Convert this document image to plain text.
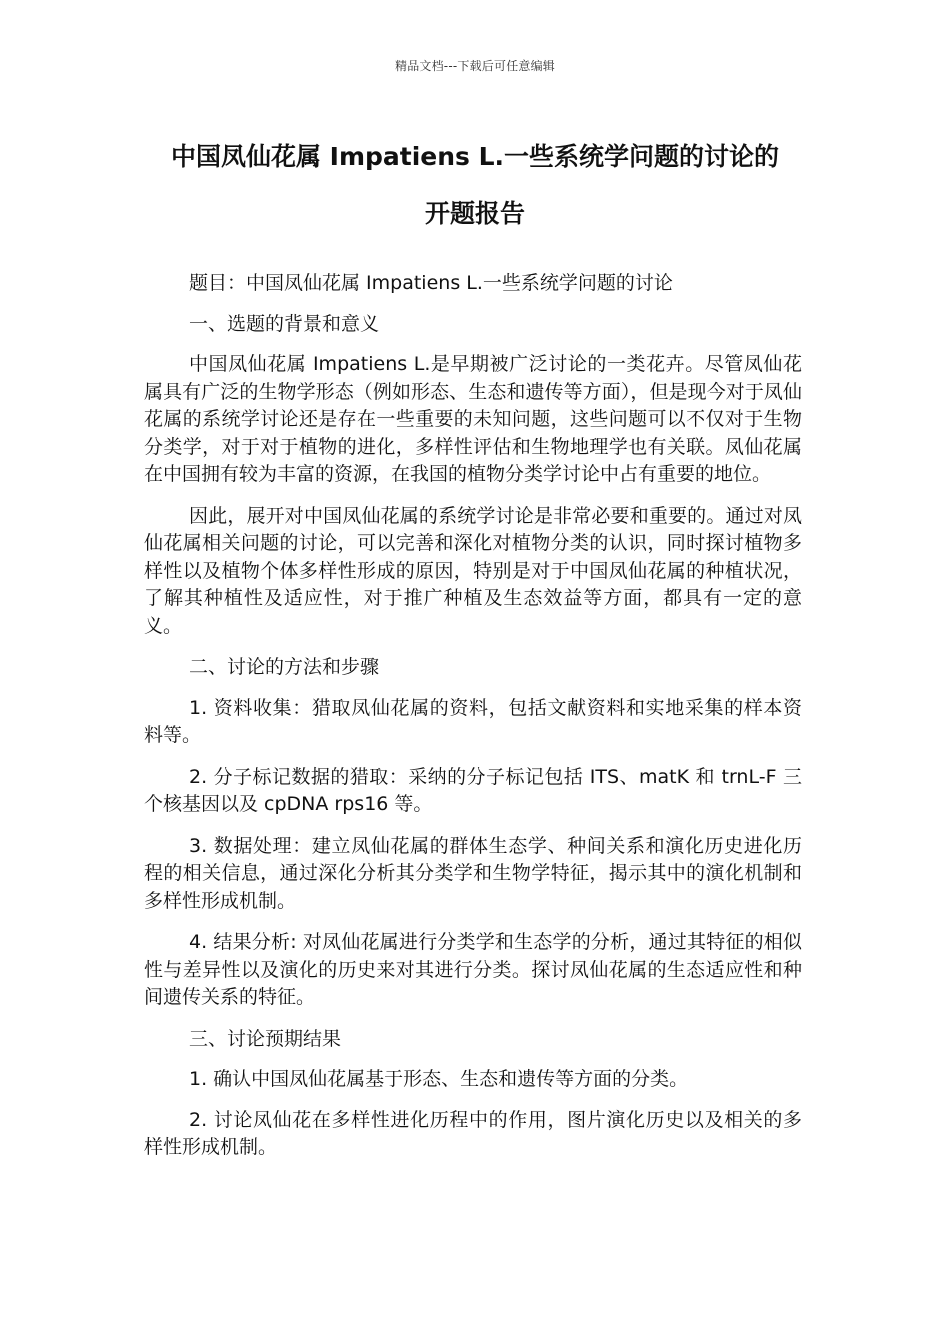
精品文档---下载后可任意编辑
中国凤仙花属 Impatiens L.一些系统学问题的讨论的
开题报告

题目：中国凤仙花属 Impatiens L.一些系统学问题的讨论

一、选题的背景和意义

中国凤仙花属 Impatiens L.是早期被广泛讨论的一类花卉。尽管凤仙花属具有广泛的生物学形态（例如形态、生态和遗传等方面），但是现今对于凤仙花属的系统学讨论还是存在一些重要的未知问题，这些问题可以不仅对于生物分类学，对于对于植物的进化，多样性评估和生物地理学也有关联。凤仙花属在中国拥有较为丰富的资源，在我国的植物分类学讨论中占有重要的地位。

因此，展开对中国凤仙花属的系统学讨论是非常必要和重要的。通过对凤仙花属相关问题的讨论，可以完善和深化对植物分类的认识，同时探讨植物多样性以及植物个体多样性形成的原因，特别是对于中国凤仙花属的种植状况，了解其种植性及适应性，对于推广种植及生态效益等方面，都具有一定的意义。

二、讨论的方法和步骤

1. 资料收集：猎取凤仙花属的资料，包括文献资料和实地采集的样本资料等。

2. 分子标记数据的猎取：采纳的分子标记包括 ITS、matK 和 trnL-F 三个核基因以及 cpDNA rps16 等。

3. 数据处理：建立凤仙花属的群体生态学、种间关系和演化历史进化历程的相关信息，通过深化分析其分类学和生物学特征，揭示其中的演化机制和多样性形成机制。

4. 结果分析: 对凤仙花属进行分类学和生态学的分析，通过其特征的相似性与差异性以及演化的历史来对其进行分类。探讨凤仙花属的生态适应性和种间遗传关系的特征。

三、讨论预期结果

1. 确认中国凤仙花属基于形态、生态和遗传等方面的分类。

2. 讨论凤仙花在多样性进化历程中的作用，图片演化历史以及相关的多样性形成机制。
